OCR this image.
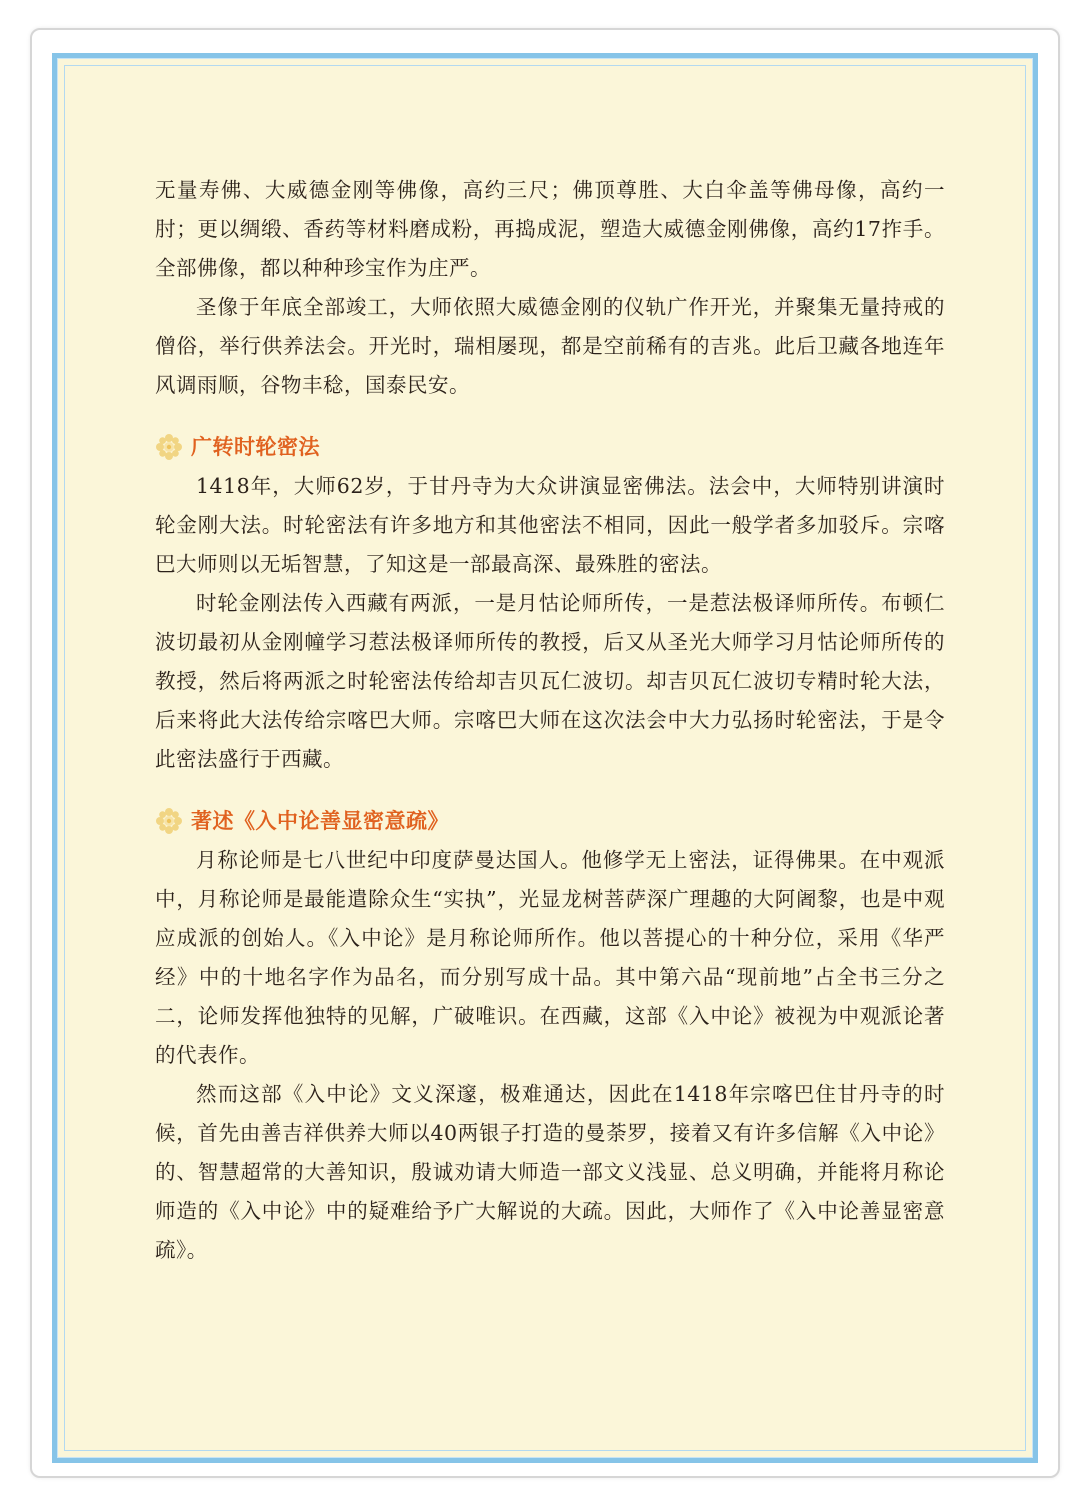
无量寿佛、大威德金刚等佛像，高约三尺；佛顶尊胜、大白伞盖等佛母像，高约一肘；更以绸缎、香药等材料磨成粉，再捣成泥，塑造大威德金刚佛像，高约17拃手。全部佛像，都以种种珍宝作为庄严。

圣像于年底全部竣工，大师依照大威德金刚的仪轨广作开光，并聚集无量持戒的僧俗，举行供养法会。开光时，瑞相屡现，都是空前稀有的吉兆。此后卫藏各地连年风调雨顺，谷物丰稔，国泰民安。

广转时轮密法

1418年，大师62岁，于甘丹寺为大众讲演显密佛法。法会中，大师特别讲演时轮金刚大法。时轮密法有许多地方和其他密法不相同，因此一般学者多加驳斥。宗喀巴大师则以无垢智慧，了知这是一部最高深、最殊胜的密法。

时轮金刚法传入西藏有两派，一是月怙论师所传，一是惹法极译师所传。布顿仁波切最初从金刚幢学习惹法极译师所传的教授，后又从圣光大师学习月怙论师所传的教授，然后将两派之时轮密法传给却吉贝瓦仁波切。却吉贝瓦仁波切专精时轮大法，后来将此大法传给宗喀巴大师。宗喀巴大师在这次法会中大力弘扬时轮密法，于是令此密法盛行于西藏。

著述《入中论善显密意疏》

月称论师是七八世纪中印度萨曼达国人。他修学无上密法，证得佛果。在中观派中，月称论师是最能遣除众生“实执”，光显龙树菩萨深广理趣的大阿阇黎，也是中观应成派的创始人。《入中论》是月称论师所作。他以菩提心的十种分位，采用《华严经》中的十地名字作为品名，而分别写成十品。其中第六品“现前地”占全书三分之二，论师发挥他独特的见解，广破唯识。在西藏，这部《入中论》被视为中观派论著的代表作。

然而这部《入中论》文义深邃，极难通达，因此在1418年宗喀巴住甘丹寺的时候，首先由善吉祥供养大师以40两银子打造的曼荼罗，接着又有许多信解《入中论》的、智慧超常的大善知识，殷诚劝请大师造一部文义浅显、总义明确，并能将月称论师造的《入中论》中的疑难给予广大解说的大疏。因此，大师作了《入中论善显密意疏》。
